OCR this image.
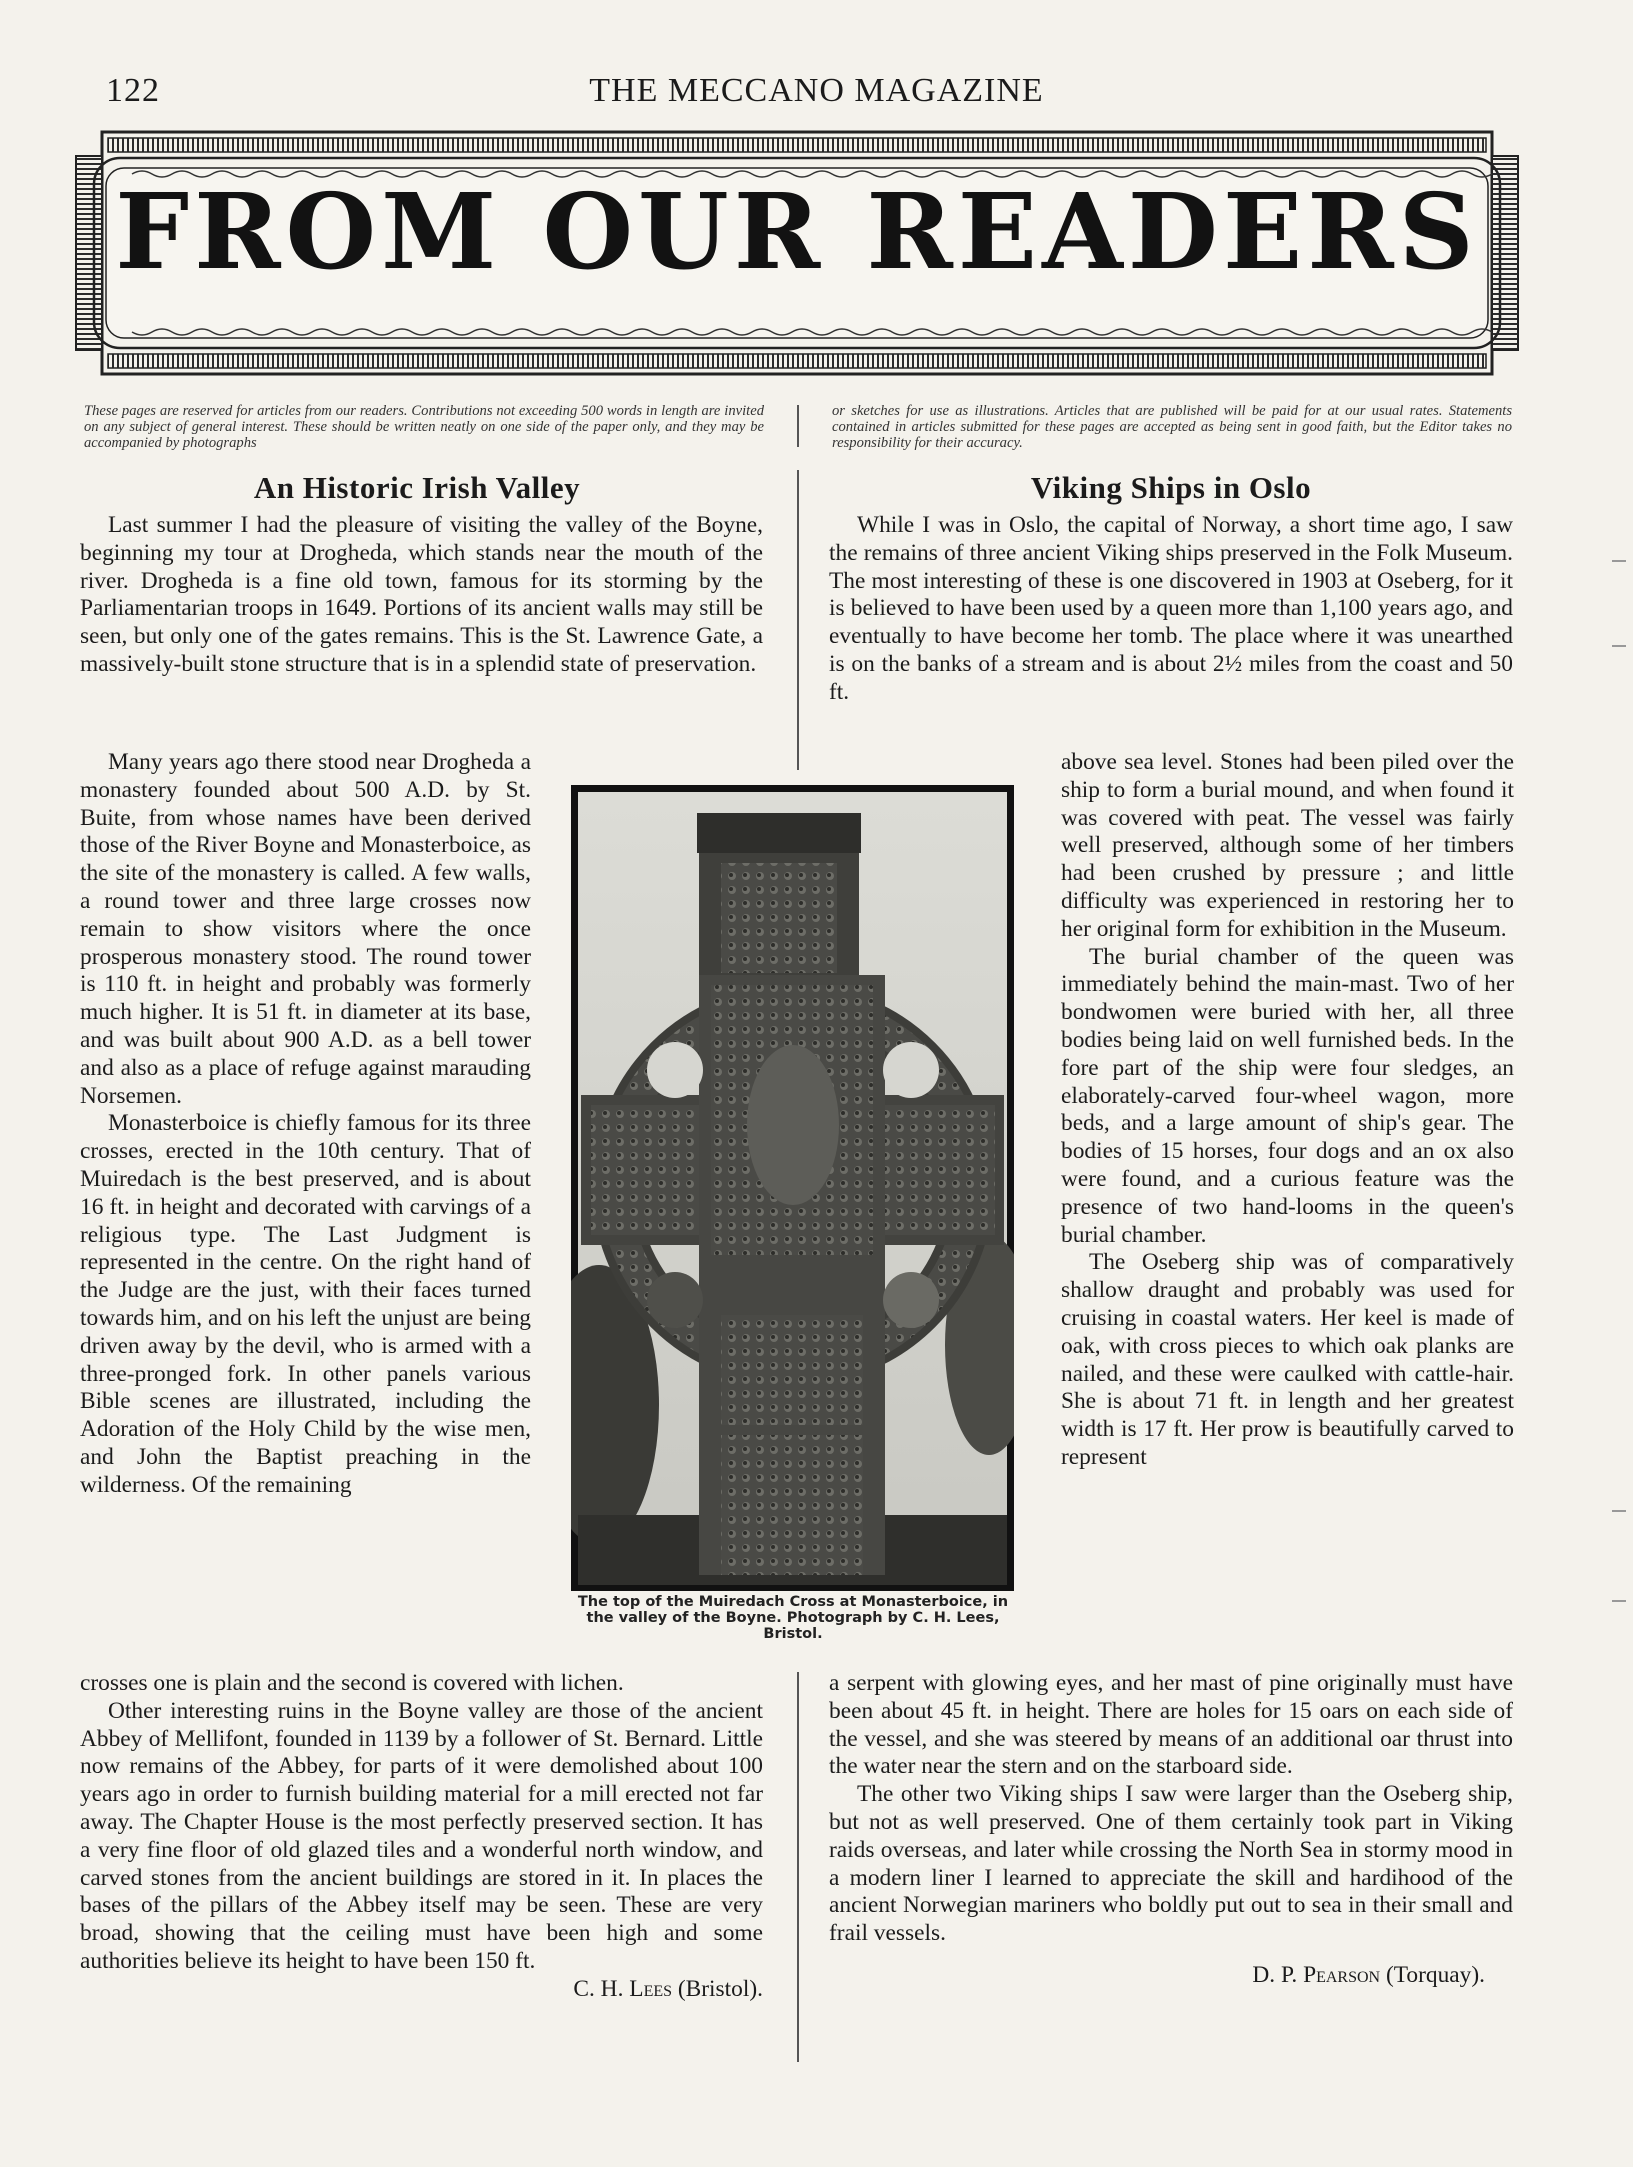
122	THE MECCANO MAGAZINE
FROM OUR READERS
These pages are reserved for articles from our readers. Contributions not exceeding 500 words in length are invited on any subject of general interest. These should be written neatly on one side of the paper only, and they may be accompanied by photographs
or sketches for use as illustrations. Articles that are published will be paid for at our usual rates. Statements contained in articles submitted for these pages are accepted as being sent in good faith, but the Editor takes no responsibility for their accuracy.
An Historic Irish Valley	Viking Ships in Oslo

Last summer I had the pleasure of visiting the valley of the Boyne, beginning my tour at Drogheda, which stands near the mouth of the river. Drogheda is a fine old town, famous for its storming by the Parliamentarian troops in 1649. Portions of its ancient walls may still be seen, but only one of the gates remains. This is the St. Lawrence Gate, a massively-built stone structure that is in a splendid state of preservation.

Many years ago there stood near Drogheda a monastery founded about 500 A.D. by St. Buite, from whose names have been derived those of the River Boyne and Monasterboice, as the site of the monastery is called. A few walls, a round tower and three large crosses now remain to show visitors where the once prosperous monastery stood. The round tower is 110 ft. in height and probably was formerly much higher. It is 51 ft. in diameter at its base, and was built about 900 A.D. as a bell tower and also as a place of refuge against marauding Norsemen.

Monasterboice is chiefly famous for its three crosses, erected in the 10th century. That of Muiredach is the best preserved, and is about 16 ft. in height and decorated with carvings of a religious type. The Last Judgment is represented in the centre. On the right hand of the Judge are the just, with their faces turned towards him, and on his left the unjust are being driven away by the devil, who is armed with a three-pronged fork. In other panels various Bible scenes are illustrated, including the Adoration of the Holy Child by the wise men, and John the Baptist preaching in the wilderness. Of the remaining

crosses one is plain and the second is covered with lichen.

Other interesting ruins in the Boyne valley are those of the ancient Abbey of Mellifont, founded in 1139 by a follower of St. Bernard. Little now remains of the Abbey, for parts of it were demolished about 100 years ago in order to furnish building material for a mill erected not far away. The Chapter House is the most perfectly preserved section. It has a very fine floor of old glazed tiles and a wonderful north window, and carved stones from the ancient buildings are stored in it. In places the bases of the pillars of the Abbey itself may be seen. These are very broad, showing that the ceiling must have been high and some authorities believe its height to have been 150 ft.

C. H. Lees (Bristol).

While I was in Oslo, the capital of Norway, a short time ago, I saw the remains of three ancient Viking ships preserved in the Folk Museum. The most interesting of these is one discovered in 1903 at Oseberg, for it is believed to have been used by a queen more than 1,100 years ago, and eventually to have become her tomb. The place where it was unearthed is on the banks of a stream and is about 2½ miles from the coast and 50 ft.

above sea level. Stones had been piled over the ship to form a burial mound, and when found it was covered with peat. The vessel was fairly well preserved, although some of her timbers had been crushed by pressure ; and little difficulty was experienced in restoring her to her original form for exhibition in the Museum.

The burial chamber of the queen was immediately behind the main-mast. Two of her bondwomen were buried with her, all three bodies being laid on well furnished beds. In the fore part of the ship were four sledges, an elaborately-carved four-wheel wagon, more beds, and a large amount of ship's gear. The bodies of 15 horses, four dogs and an ox also were found, and a curious feature was the presence of two hand-looms in the queen's burial chamber.

The Oseberg ship was of comparatively shallow draught and probably was used for cruising in coastal waters. Her keel is made of oak, with cross pieces to which oak planks are nailed, and these were caulked with cattle-hair. She is about 71 ft. in length and her greatest width is 17 ft. Her prow is beautifully carved to represent

a serpent with glowing eyes, and her mast of pine originally must have been about 45 ft. in height. There are holes for 15 oars on each side of the vessel, and she was steered by means of an additional oar thrust into the water near the stern and on the starboard side.

The other two Viking ships I saw were larger than the Oseberg ship, but not as well preserved. One of them certainly took part in Viking raids overseas, and later while crossing the North Sea in stormy mood in a modern liner I learned to appreciate the skill and hardihood of the ancient Norwegian mariners who boldly put out to sea in their small and frail vessels.

D. P. Pearson (Torquay).
The top of the Muiredach Cross at Monasterboice, in the valley of the Boyne. Photograph by C. H. Lees, Bristol.
